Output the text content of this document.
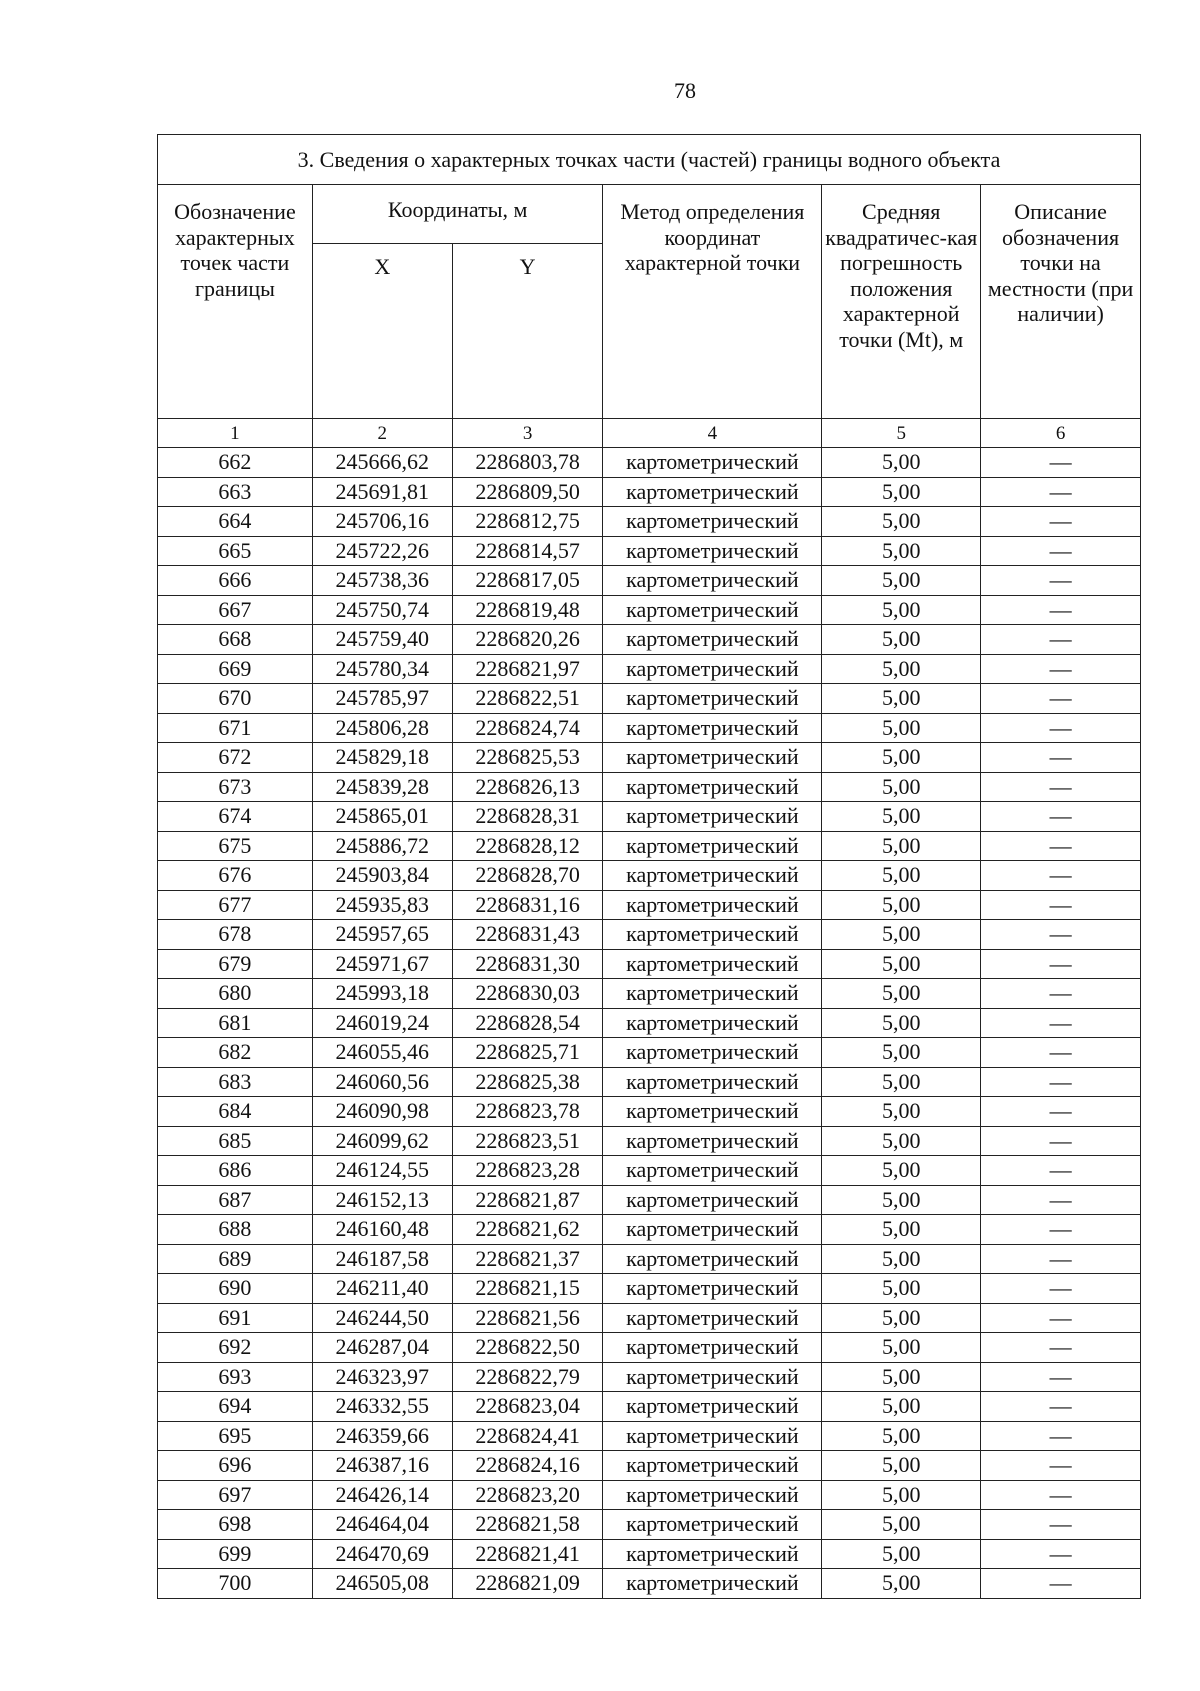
78
3. Сведения о характерных точках части (частей) границы водного объекта					
Обозначение характерных точек части границы	Координаты, м		Метод определения координат характерной точки	Средняя квадратичес-кая погрешность положения характерной точки (Mt), м	Описание обозначения точки на местности (при наличии)
	X	Y			
1	2	3	4	5	6
662	245666,62	2286803,78	картометрический	5,00	—
663	245691,81	2286809,50	картометрический	5,00	—
664	245706,16	2286812,75	картометрический	5,00	—
665	245722,26	2286814,57	картометрический	5,00	—
666	245738,36	2286817,05	картометрический	5,00	—
667	245750,74	2286819,48	картометрический	5,00	—
668	245759,40	2286820,26	картометрический	5,00	—
669	245780,34	2286821,97	картометрический	5,00	—
670	245785,97	2286822,51	картометрический	5,00	—
671	245806,28	2286824,74	картометрический	5,00	—
672	245829,18	2286825,53	картометрический	5,00	—
673	245839,28	2286826,13	картометрический	5,00	—
674	245865,01	2286828,31	картометрический	5,00	—
675	245886,72	2286828,12	картометрический	5,00	—
676	245903,84	2286828,70	картометрический	5,00	—
677	245935,83	2286831,16	картометрический	5,00	—
678	245957,65	2286831,43	картометрический	5,00	—
679	245971,67	2286831,30	картометрический	5,00	—
680	245993,18	2286830,03	картометрический	5,00	—
681	246019,24	2286828,54	картометрический	5,00	—
682	246055,46	2286825,71	картометрический	5,00	—
683	246060,56	2286825,38	картометрический	5,00	—
684	246090,98	2286823,78	картометрический	5,00	—
685	246099,62	2286823,51	картометрический	5,00	—
686	246124,55	2286823,28	картометрический	5,00	—
687	246152,13	2286821,87	картометрический	5,00	—
688	246160,48	2286821,62	картометрический	5,00	—
689	246187,58	2286821,37	картометрический	5,00	—
690	246211,40	2286821,15	картометрический	5,00	—
691	246244,50	2286821,56	картометрический	5,00	—
692	246287,04	2286822,50	картометрический	5,00	—
693	246323,97	2286822,79	картометрический	5,00	—
694	246332,55	2286823,04	картометрический	5,00	—
695	246359,66	2286824,41	картометрический	5,00	—
696	246387,16	2286824,16	картометрический	5,00	—
697	246426,14	2286823,20	картометрический	5,00	—
698	246464,04	2286821,58	картометрический	5,00	—
699	246470,69	2286821,41	картометрический	5,00	—
700	246505,08	2286821,09	картометрический	5,00	—
